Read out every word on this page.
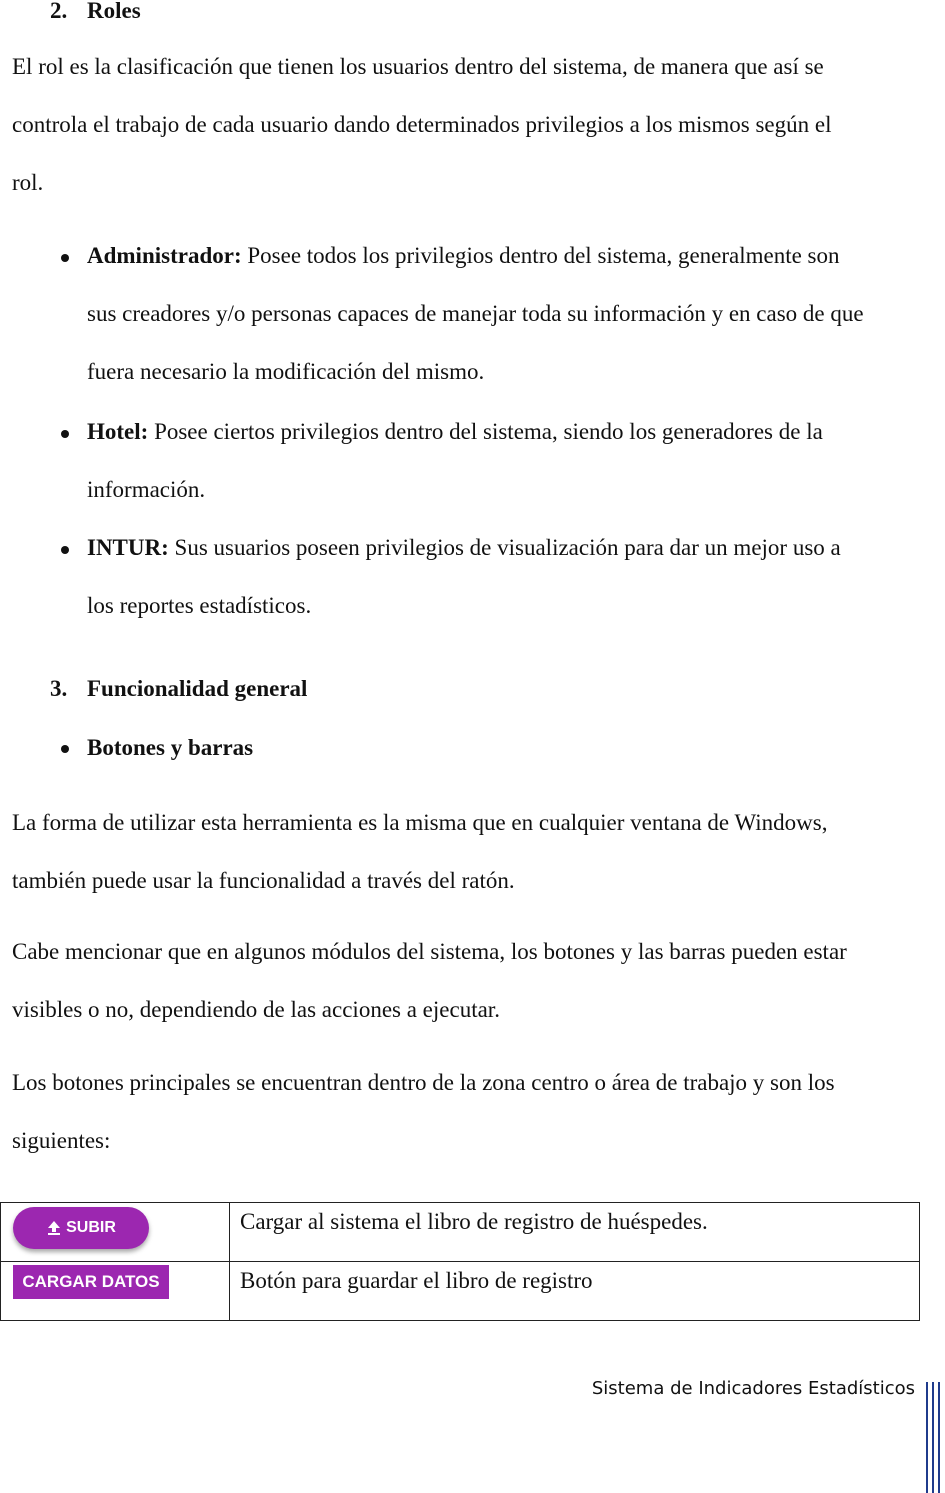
2. Roles
El rol es la clasificación que tienen los usuarios dentro del sistema, de manera que así se
controla el trabajo de cada usuario dando determinados privilegios a los mismos según el
rol.
Administrador: Posee todos los privilegios dentro del sistema, generalmente son
sus creadores y/o personas capaces de manejar toda su información y en caso de que
fuera necesario la modificación del mismo.
Hotel: Posee ciertos privilegios dentro del sistema, siendo los generadores de la
información.
INTUR: Sus usuarios poseen privilegios de visualización para dar un mejor uso a
los reportes estadísticos.
3. Funcionalidad general
Botones y barras
La forma de utilizar esta herramienta es la misma que en cualquier ventana de Windows,
también puede usar la funcionalidad a través del ratón.
Cabe mencionar que en algunos módulos del sistema, los botones y las barras pueden estar
visibles o no, dependiendo de las acciones a ejecutar.
Los botones principales se encuentran dentro de la zona centro o área de trabajo y son los
siguientes:
SUBIR	Cargar al sistema el libro de registro de huéspedes.

CARGAR DATOS	Botón para guardar el libro de registro
Sistema de Indicadores Estadísticos
